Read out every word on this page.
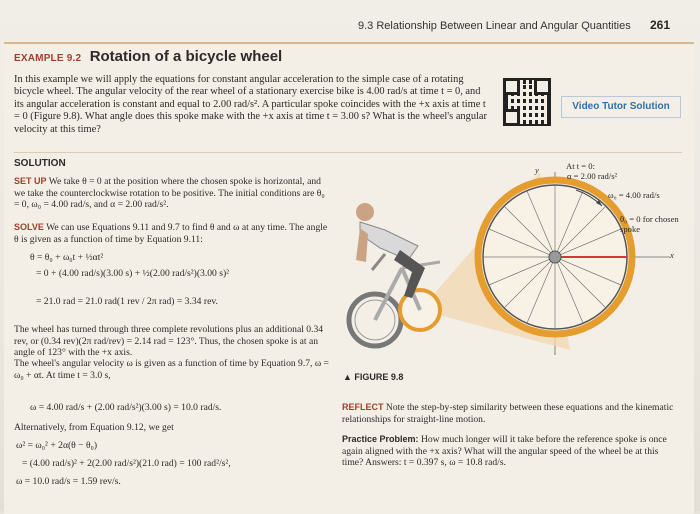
9.3 Relationship Between Linear and Angular Quantities 261
EXAMPLE 9.2 Rotation of a bicycle wheel
In this example we will apply the equations for constant angular acceleration to the simple case of a rotating bicycle wheel. The angular velocity of the rear wheel of a stationary exercise bike is 4.00 rad/s at time t = 0, and its angular acceleration is constant and equal to 2.00 rad/s². A particular spoke coincides with the +x axis at time t = 0 (Figure 9.8). What angle does this spoke make with the +x axis at time t = 3.00 s? What is the wheel's angular velocity at this time?
Video Tutor Solution
SOLUTION
SET UP We take θ = 0 at the position where the chosen spoke is horizontal, and we take the counterclockwise rotation to be positive. The initial conditions are θ₀ = 0, ω₀ = 4.00 rad/s, and α = 2.00 rad/s².
SOLVE We can use Equations 9.11 and 9.7 to find θ and ω at any time. The angle θ is given as a function of time by Equation 9.11:
θ = θ₀ + ω₀t + ½αt²
= 0 + (4.00 rad/s)(3.00 s) + ½(2.00 rad/s²)(3.00 s)²
= 21.0 rad = 21.0 rad(1 rev / 2π rad) = 3.34 rev.
The wheel has turned through three complete revolutions plus an additional 0.34 rev, or (0.34 rev)(2π rad/rev) = 2.14 rad = 123°. Thus, the chosen spoke is at an angle of 123° with the +x axis.
The wheel's angular velocity ω is given as a function of time by Equation 9.7, ω = ω₀ + αt. At time t = 3.0 s,
ω = 4.00 rad/s + (2.00 rad/s²)(3.00 s) = 10.0 rad/s.
Alternatively, from Equation 9.12, we get
ω² = ω₀² + 2α(θ − θ₀)
= (4.00 rad/s)² + 2(2.00 rad/s²)(21.0 rad) = 100 rad²/s²,
ω = 10.0 rad/s = 1.59 rev/s.
At t = 0:
α = 2.00 rad/s²
ω₀ = 4.00 rad/s
θ₀ = 0 for chosen spoke
y
x
▲ FIGURE 9.8
REFLECT Note the step-by-step similarity between these equations and the kinematic relationships for straight-line motion.
Practice Problem: How much longer will it take before the reference spoke is once again aligned with the +x axis? What will the angular speed of the wheel be at this time? Answers: t = 0.397 s, ω = 10.8 rad/s.
